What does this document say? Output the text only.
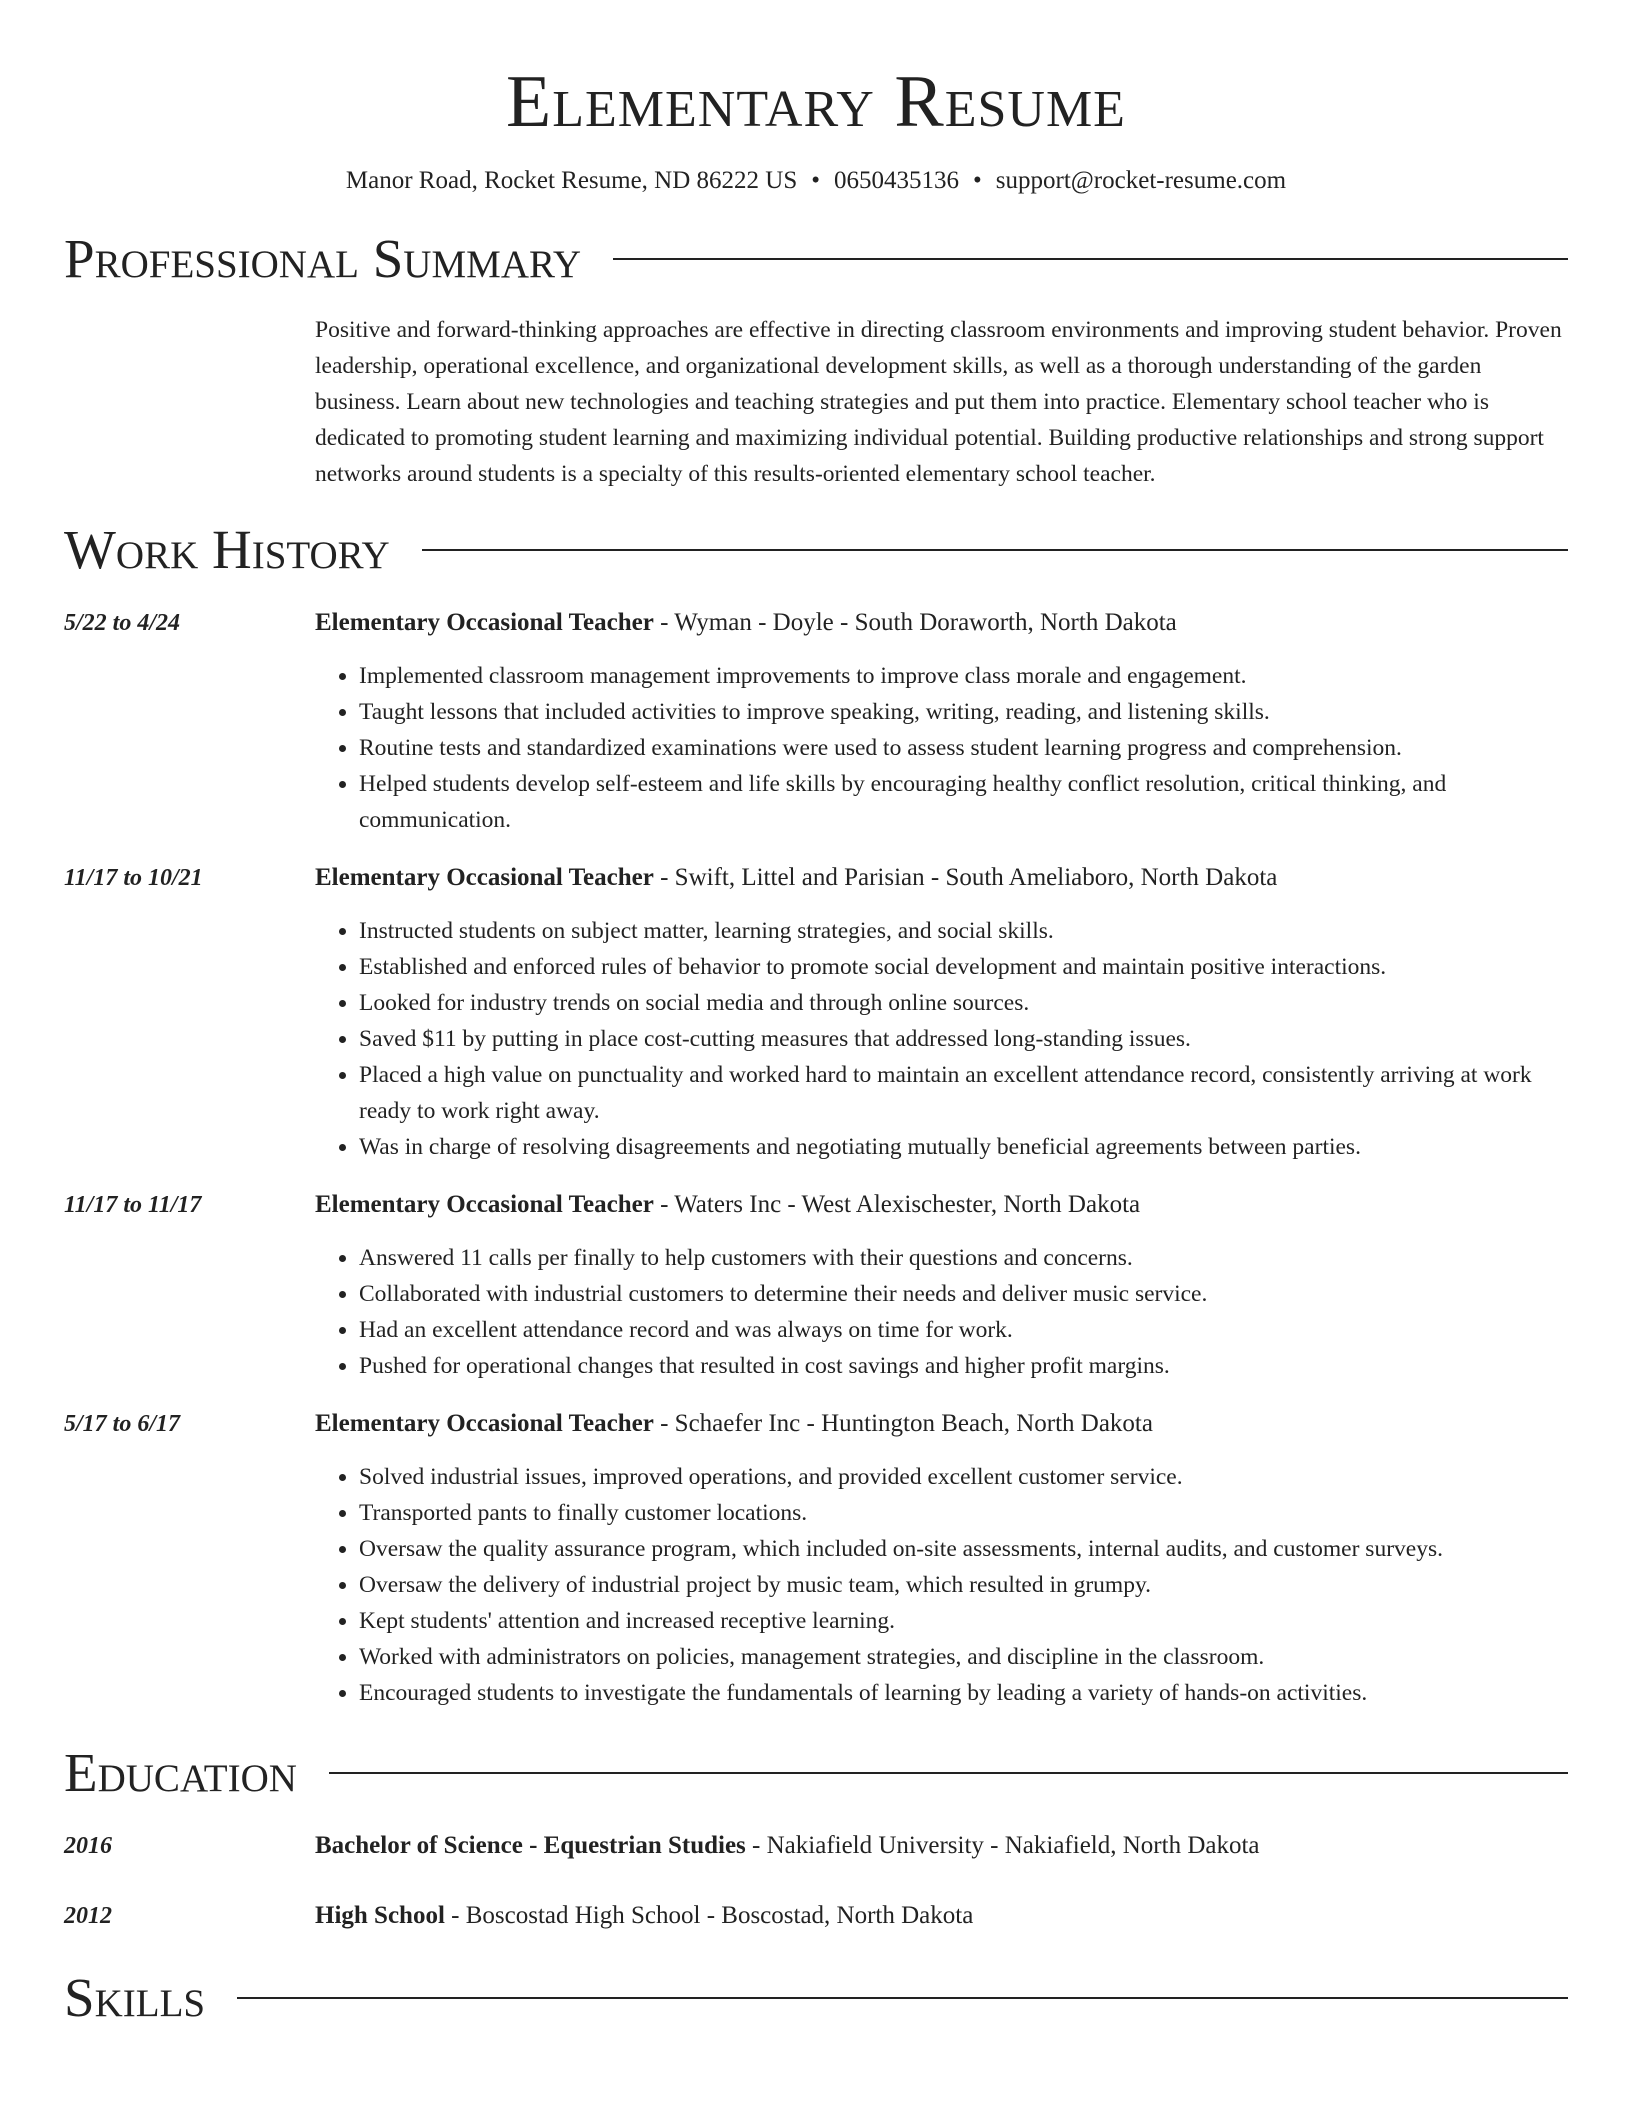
Elementary Resume
Manor Road, Rocket Resume, ND 86222 US • 0650435136 • support@rocket-resume.com
Professional Summary

Positive and forward-thinking approaches are effective in directing classroom environments and improving student behavior. Proven leadership, operational excellence, and organizational development skills, as well as a thorough understanding of the garden business. Learn about new technologies and teaching strategies and put them into practice. Elementary school teacher who is dedicated to promoting student learning and maximizing individual potential. Building productive relationships and strong support networks around students is a specialty of this results-oriented elementary school teacher.

Work History
5/22 to 4/24	Elementary Occasional Teacher - Wyman - Doyle - South Doraworth, North Dakota
• Implemented classroom management improvements to improve class morale and engagement.
• Taught lessons that included activities to improve speaking, writing, reading, and listening skills.
• Routine tests and standardized examinations were used to assess student learning progress and comprehension.
• Helped students develop self-esteem and life skills by encouraging healthy conflict resolution, critical thinking, and communication.
11/17 to 10/21	Elementary Occasional Teacher - Swift, Littel and Parisian - South Ameliaboro, North Dakota
• Instructed students on subject matter, learning strategies, and social skills.
• Established and enforced rules of behavior to promote social development and maintain positive interactions.
• Looked for industry trends on social media and through online sources.
• Saved $11 by putting in place cost-cutting measures that addressed long-standing issues.
• Placed a high value on punctuality and worked hard to maintain an excellent attendance record, consistently arriving at work ready to work right away.
• Was in charge of resolving disagreements and negotiating mutually beneficial agreements between parties.
11/17 to 11/17	Elementary Occasional Teacher - Waters Inc - West Alexischester, North Dakota
• Answered 11 calls per finally to help customers with their questions and concerns.
• Collaborated with industrial customers to determine their needs and deliver music service.
• Had an excellent attendance record and was always on time for work.
• Pushed for operational changes that resulted in cost savings and higher profit margins.
5/17 to 6/17	Elementary Occasional Teacher - Schaefer Inc - Huntington Beach, North Dakota
• Solved industrial issues, improved operations, and provided excellent customer service.
• Transported pants to finally customer locations.
• Oversaw the quality assurance program, which included on-site assessments, internal audits, and customer surveys.
• Oversaw the delivery of industrial project by music team, which resulted in grumpy.
• Kept students' attention and increased receptive learning.
• Worked with administrators on policies, management strategies, and discipline in the classroom.
• Encouraged students to investigate the fundamentals of learning by leading a variety of hands-on activities.
Education
2016	Bachelor of Science - Equestrian Studies - Nakiafield University - Nakiafield, North Dakota
2012	High School - Boscostad High School - Boscostad, North Dakota
Skills
